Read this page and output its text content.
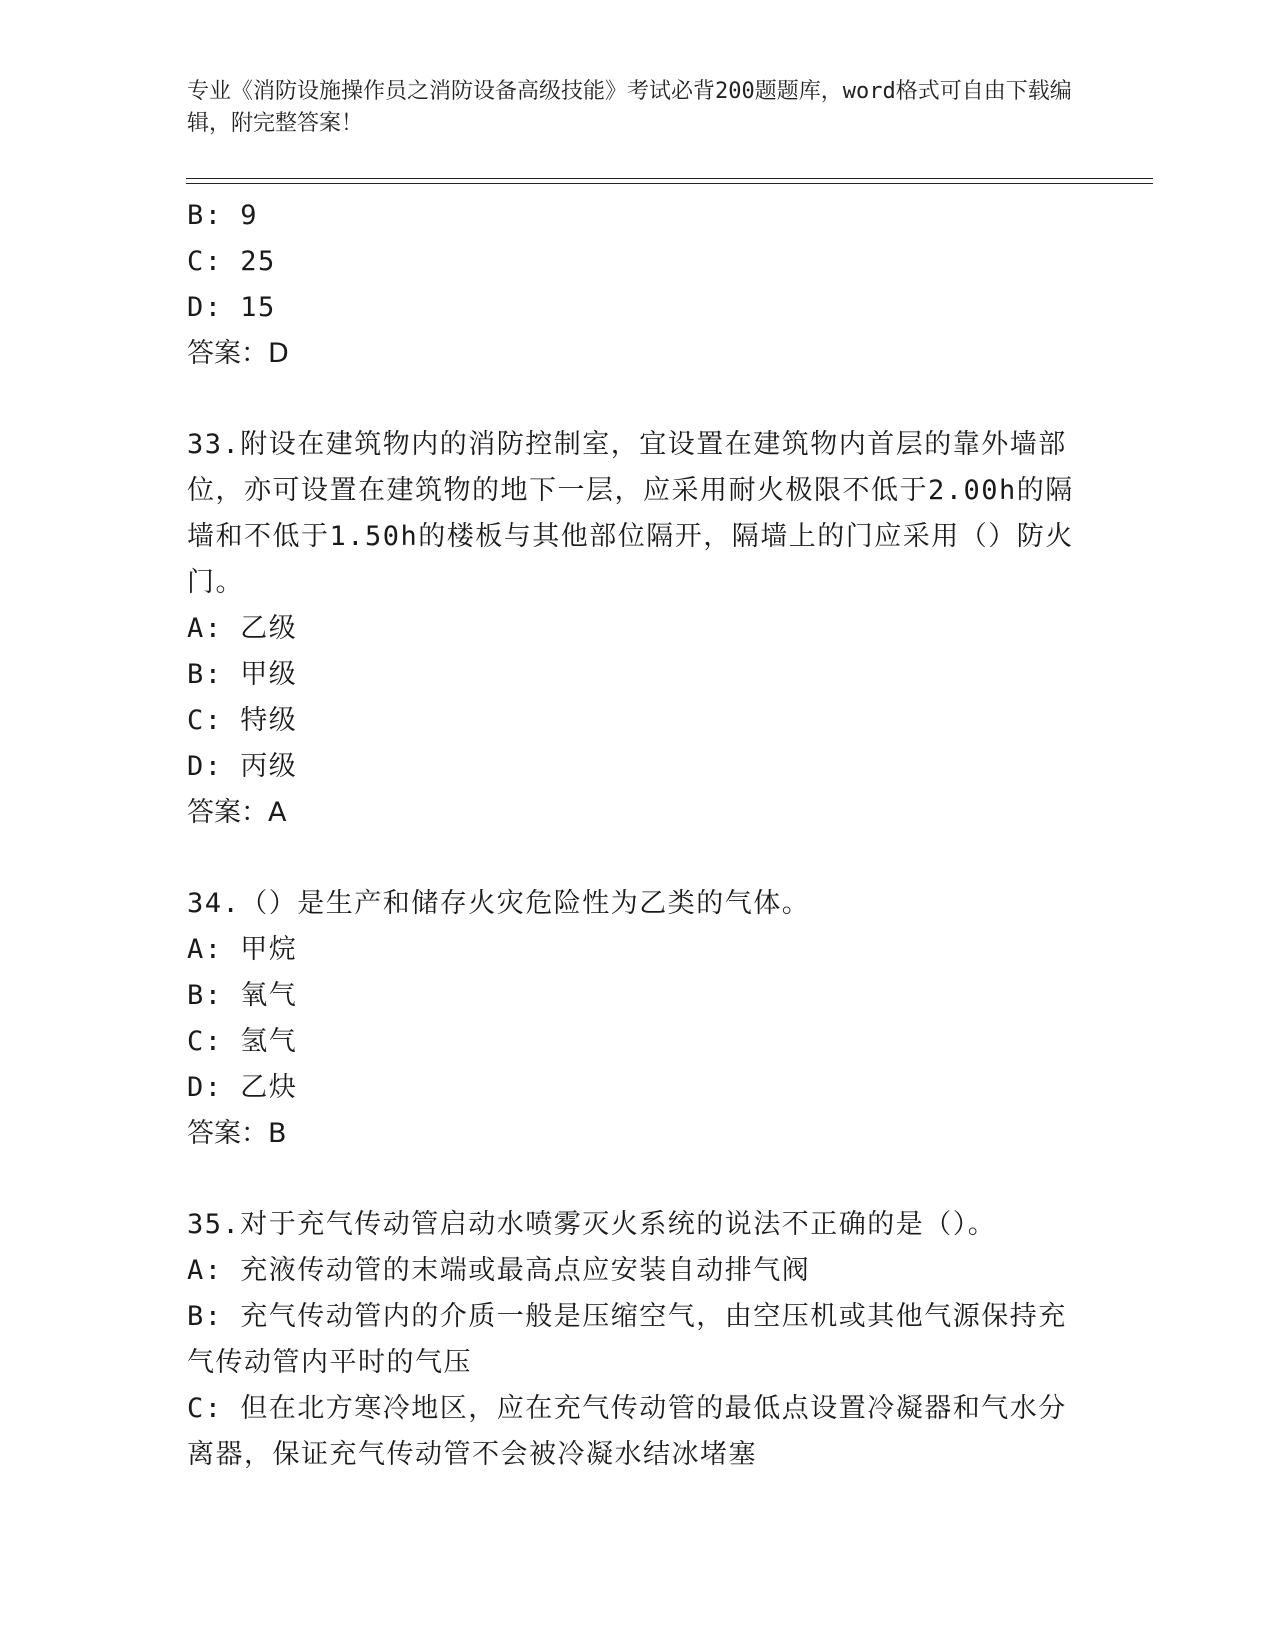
专业《消防设施操作员之消防设备高级技能》考试必背200题题库，word格式可自由下载编辑，附完整答案！
B: 9
C: 25
D: 15
答案：D
33.附设在建筑物内的消防控制室，宜设置在建筑物内首层的靠外墙部位，亦可设置在建筑物的地下一层，应采用耐火极限不低于2.00h的隔墙和不低于1.50h的楼板与其他部位隔开，隔墙上的门应采用（）防火门。
A: 乙级
B: 甲级
C: 特级
D: 丙级
答案：A
34.（）是生产和储存火灾危险性为乙类的气体。
A: 甲烷
B: 氧气
C: 氢气
D: 乙炔
答案：B
35.对于充气传动管启动水喷雾灭火系统的说法不正确的是（）。
A: 充液传动管的末端或最高点应安装自动排气阀
B: 充气传动管内的介质一般是压缩空气，由空压机或其他气源保持充气传动管内平时的气压
C: 但在北方寒冷地区，应在充气传动管的最低点设置冷凝器和气水分离器，保证充气传动管不会被冷凝水结冰堵塞
